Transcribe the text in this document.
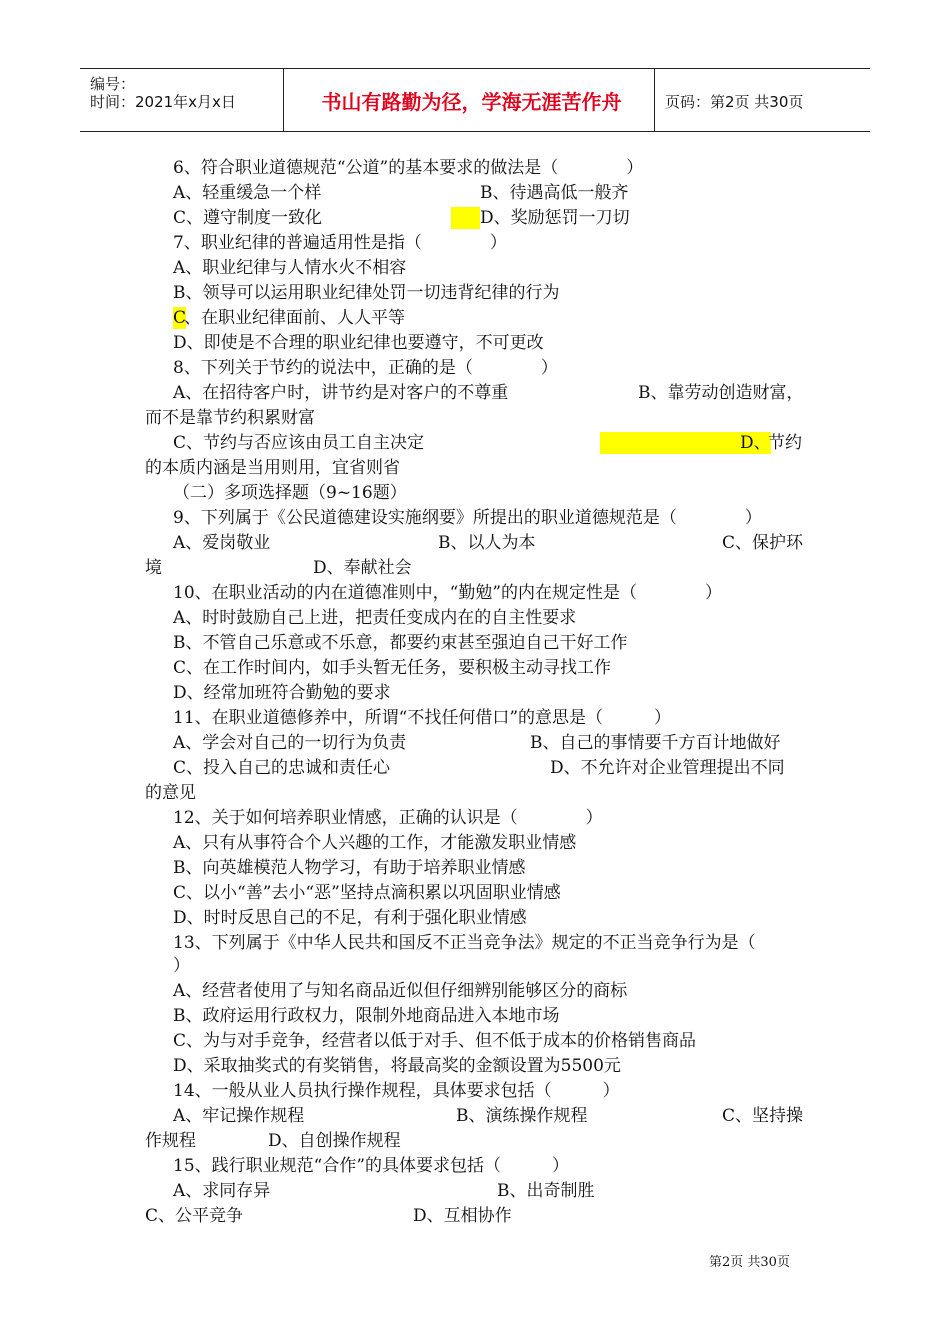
编号：
时间：2021年x月x日	书山有路勤为径，学海无涯苦作舟	页码：第2页 共30页
6、符合职业道德规范“公道”的基本要求的做法是（　　　　）
A、轻重缓急一个样	B、待遇高低一般齐
C、遵守制度一致化
	D、奖励惩罚一刀切
7、职业纪律的普遍适用性是指（　　　　）
A、职业纪律与人情水火不相容
B、领导可以运用职业纪律处罚一切违背纪律的行为
C
、在职业纪律面前、人人平等
D、即使是不合理的职业纪律也要遵守，不可更改
8、下列关于节约的说法中，正确的是（　　　　）
A、在招待客户时，讲节约是对客户的不尊重	B、靠劳动创造财富，
而不是靠节约积累财富
C、节约与否应该由员工自主决定
	D、
节约
的本质内涵是当用则用，宜省则省
（二）多项选择题（9~16题）
9、下列属于《公民道德建设实施纲要》所提出的职业道德规范是（　　　　）
A、爱岗敬业	B、以人为本	C、保护环
境	D、奉献社会
10、在职业活动的内在道德准则中，“勤勉”的内在规定性是（　　　　）
A、时时鼓励自己上进，把责任变成内在的自主性要求
B、不管自己乐意或不乐意，都要约束甚至强迫自己干好工作
C、在工作时间内，如手头暂无任务，要积极主动寻找工作
D、经常加班符合勤勉的要求
11、在职业道德修养中，所谓“不找任何借口”的意思是（　　　）
A、学会对自己的一切行为负责	B、自己的事情要千方百计地做好
C、投入自己的忠诚和责任心	D、不允许对企业管理提出不同
的意见
12、关于如何培养职业情感，正确的认识是（　　　　）
A、只有从事符合个人兴趣的工作，才能激发职业情感
B、向英雄模范人物学习，有助于培养职业情感
C、以小“善”去小“恶”坚持点滴积累以巩固职业情感
D、时时反思自己的不足，有利于强化职业情感
13、下列属于《中华人民共和国反不正当竞争法》规定的不正当竞争行为是（
）
A、经营者使用了与知名商品近似但仔细辨别能够区分的商标
B、政府运用行政权力，限制外地商品进入本地市场
C、为与对手竞争，经营者以低于对手、但不低于成本的价格销售商品
D、采取抽奖式的有奖销售，将最高奖的金额设置为5500元
14、一般从业人员执行操作规程，具体要求包括（　　　）
A、牢记操作规程	B、演练操作规程	C、坚持操
作规程	D、自创操作规程
15、践行职业规范“合作”的具体要求包括（　　　）
A、求同存异	B、出奇制胜
C、公平竞争	D、互相协作
第2页 共30页
